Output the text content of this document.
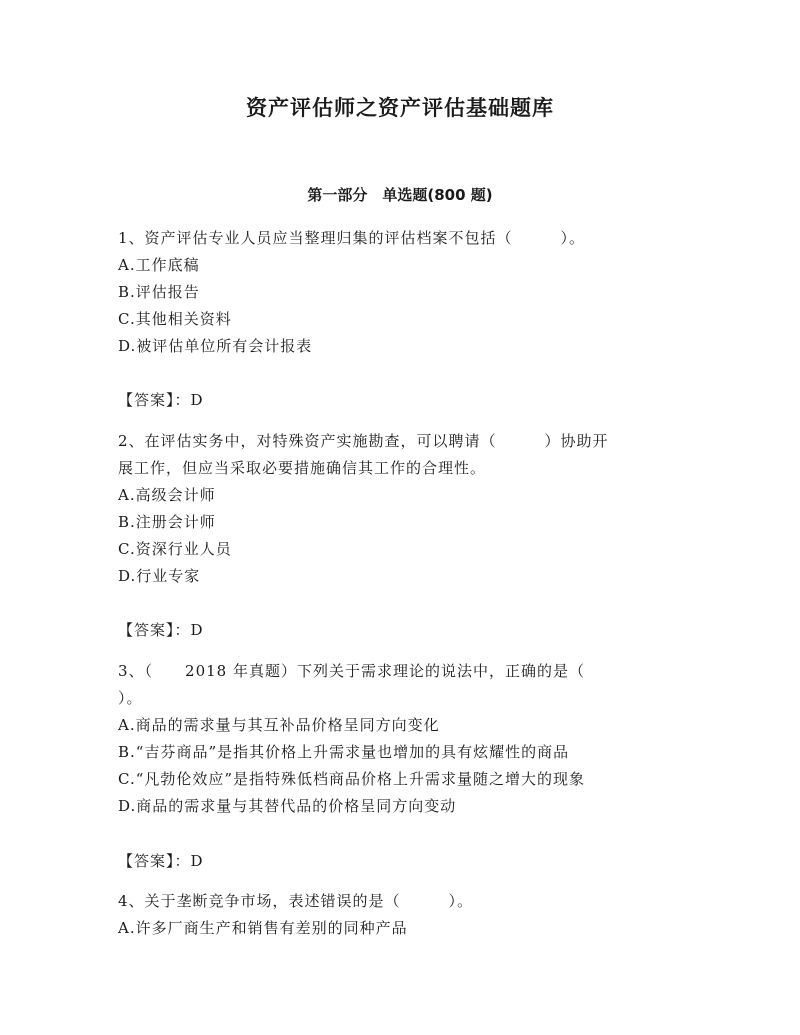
资产评估师之资产评估基础题库
第一部分　单选题(800 题)
1、资产评估专业人员应当整理归集的评估档案不包括（　　　）。
A.工作底稿
B.评估报告
C.其他相关资料
D.被评估单位所有会计报表
【答案】：D
2、在评估实务中，对特殊资产实施勘查，可以聘请（　　　）协助开
展工作，但应当采取必要措施确信其工作的合理性。
A.高级会计师
B.注册会计师
C.资深行业人员
D.行业专家
【答案】：D
3、（　　2018 年真题）下列关于需求理论的说法中，正确的是（
）。
A.商品的需求量与其互补品价格呈同方向变化
B.“吉芬商品”是指其价格上升需求量也增加的具有炫耀性的商品
C.“凡勃伦效应”是指特殊低档商品价格上升需求量随之增大的现象
D.商品的需求量与其替代品的价格呈同方向变动
【答案】：D
4、关于垄断竞争市场，表述错误的是（　　　）。
A.许多厂商生产和销售有差别的同种产品
